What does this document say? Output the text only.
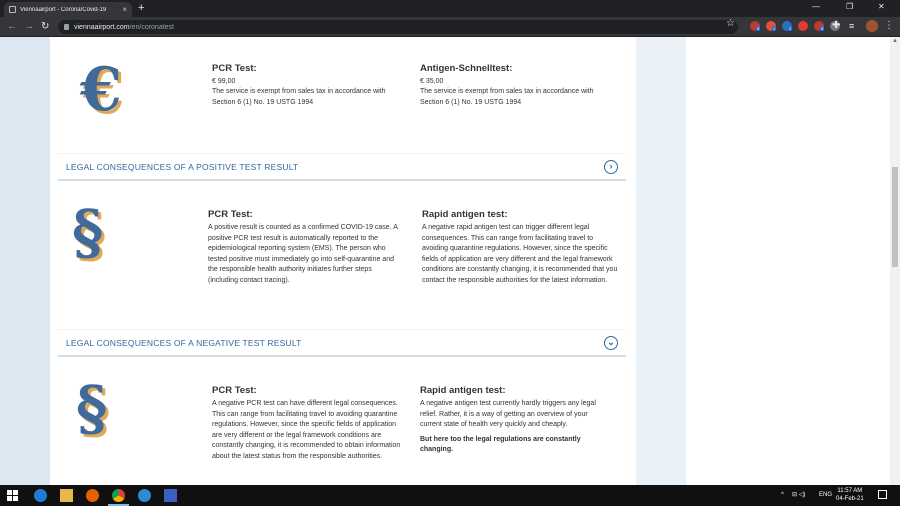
Viennaairport - Corona/Covid-19	× +	—	❐	✕
← → ↻	viennaairport.com/en/coronatest	☆	3	1	2	3 ✚ ≡	⋮
▲
€	PCR Test:
€ 99,00

The service is exempt from sales tax in accordance with Section 6 (1) No. 19 USTG 1994

Antigen-Schnelltest:
€ 35,00

The service is exempt from sales tax in accordance with Section 6 (1) No. 19 USTG 1994

LEGAL CONSEQUENCES OF A POSITIVE TEST RESULT	›
§	PCR Test:

A positive result is counted as a confirmed COVID-19 case. A positive PCR test result is automatically reported to the epidemiological reporting system (EMS). The person who tested positive must immediately go into self-quarantine and the responsible health authority initiates further steps (including contact tracing).

Rapid antigen test:

A negative rapid antigen test can trigger different legal consequences. This can range from facilitating travel to avoiding quarantine regulations. However, since the specific fields of application are very different and the legal framework conditions are constantly changing, it is recommended that you contact the responsible authorities for the latest information.

LEGAL CONSEQUENCES OF A NEGATIVE TEST RESULT	⌄
§	PCR Test:

A negative PCR test can have different legal consequences. This can range from facilitating travel to avoiding quarantine regulations. However, since the specific fields of application are very different or the legal framework conditions are constantly changing, it is recommended to obtain information about the latest status from the responsible authorities.

Rapid antigen test:

A negative antigen test currently hardly triggers any legal relief. Rather, it is a way of getting an overview of your current state of health very quickly and cheaply.

But here too the legal regulations are constantly changing.

^ ⊟ ◁) ENG
11:57 AM
04-Feb-21
